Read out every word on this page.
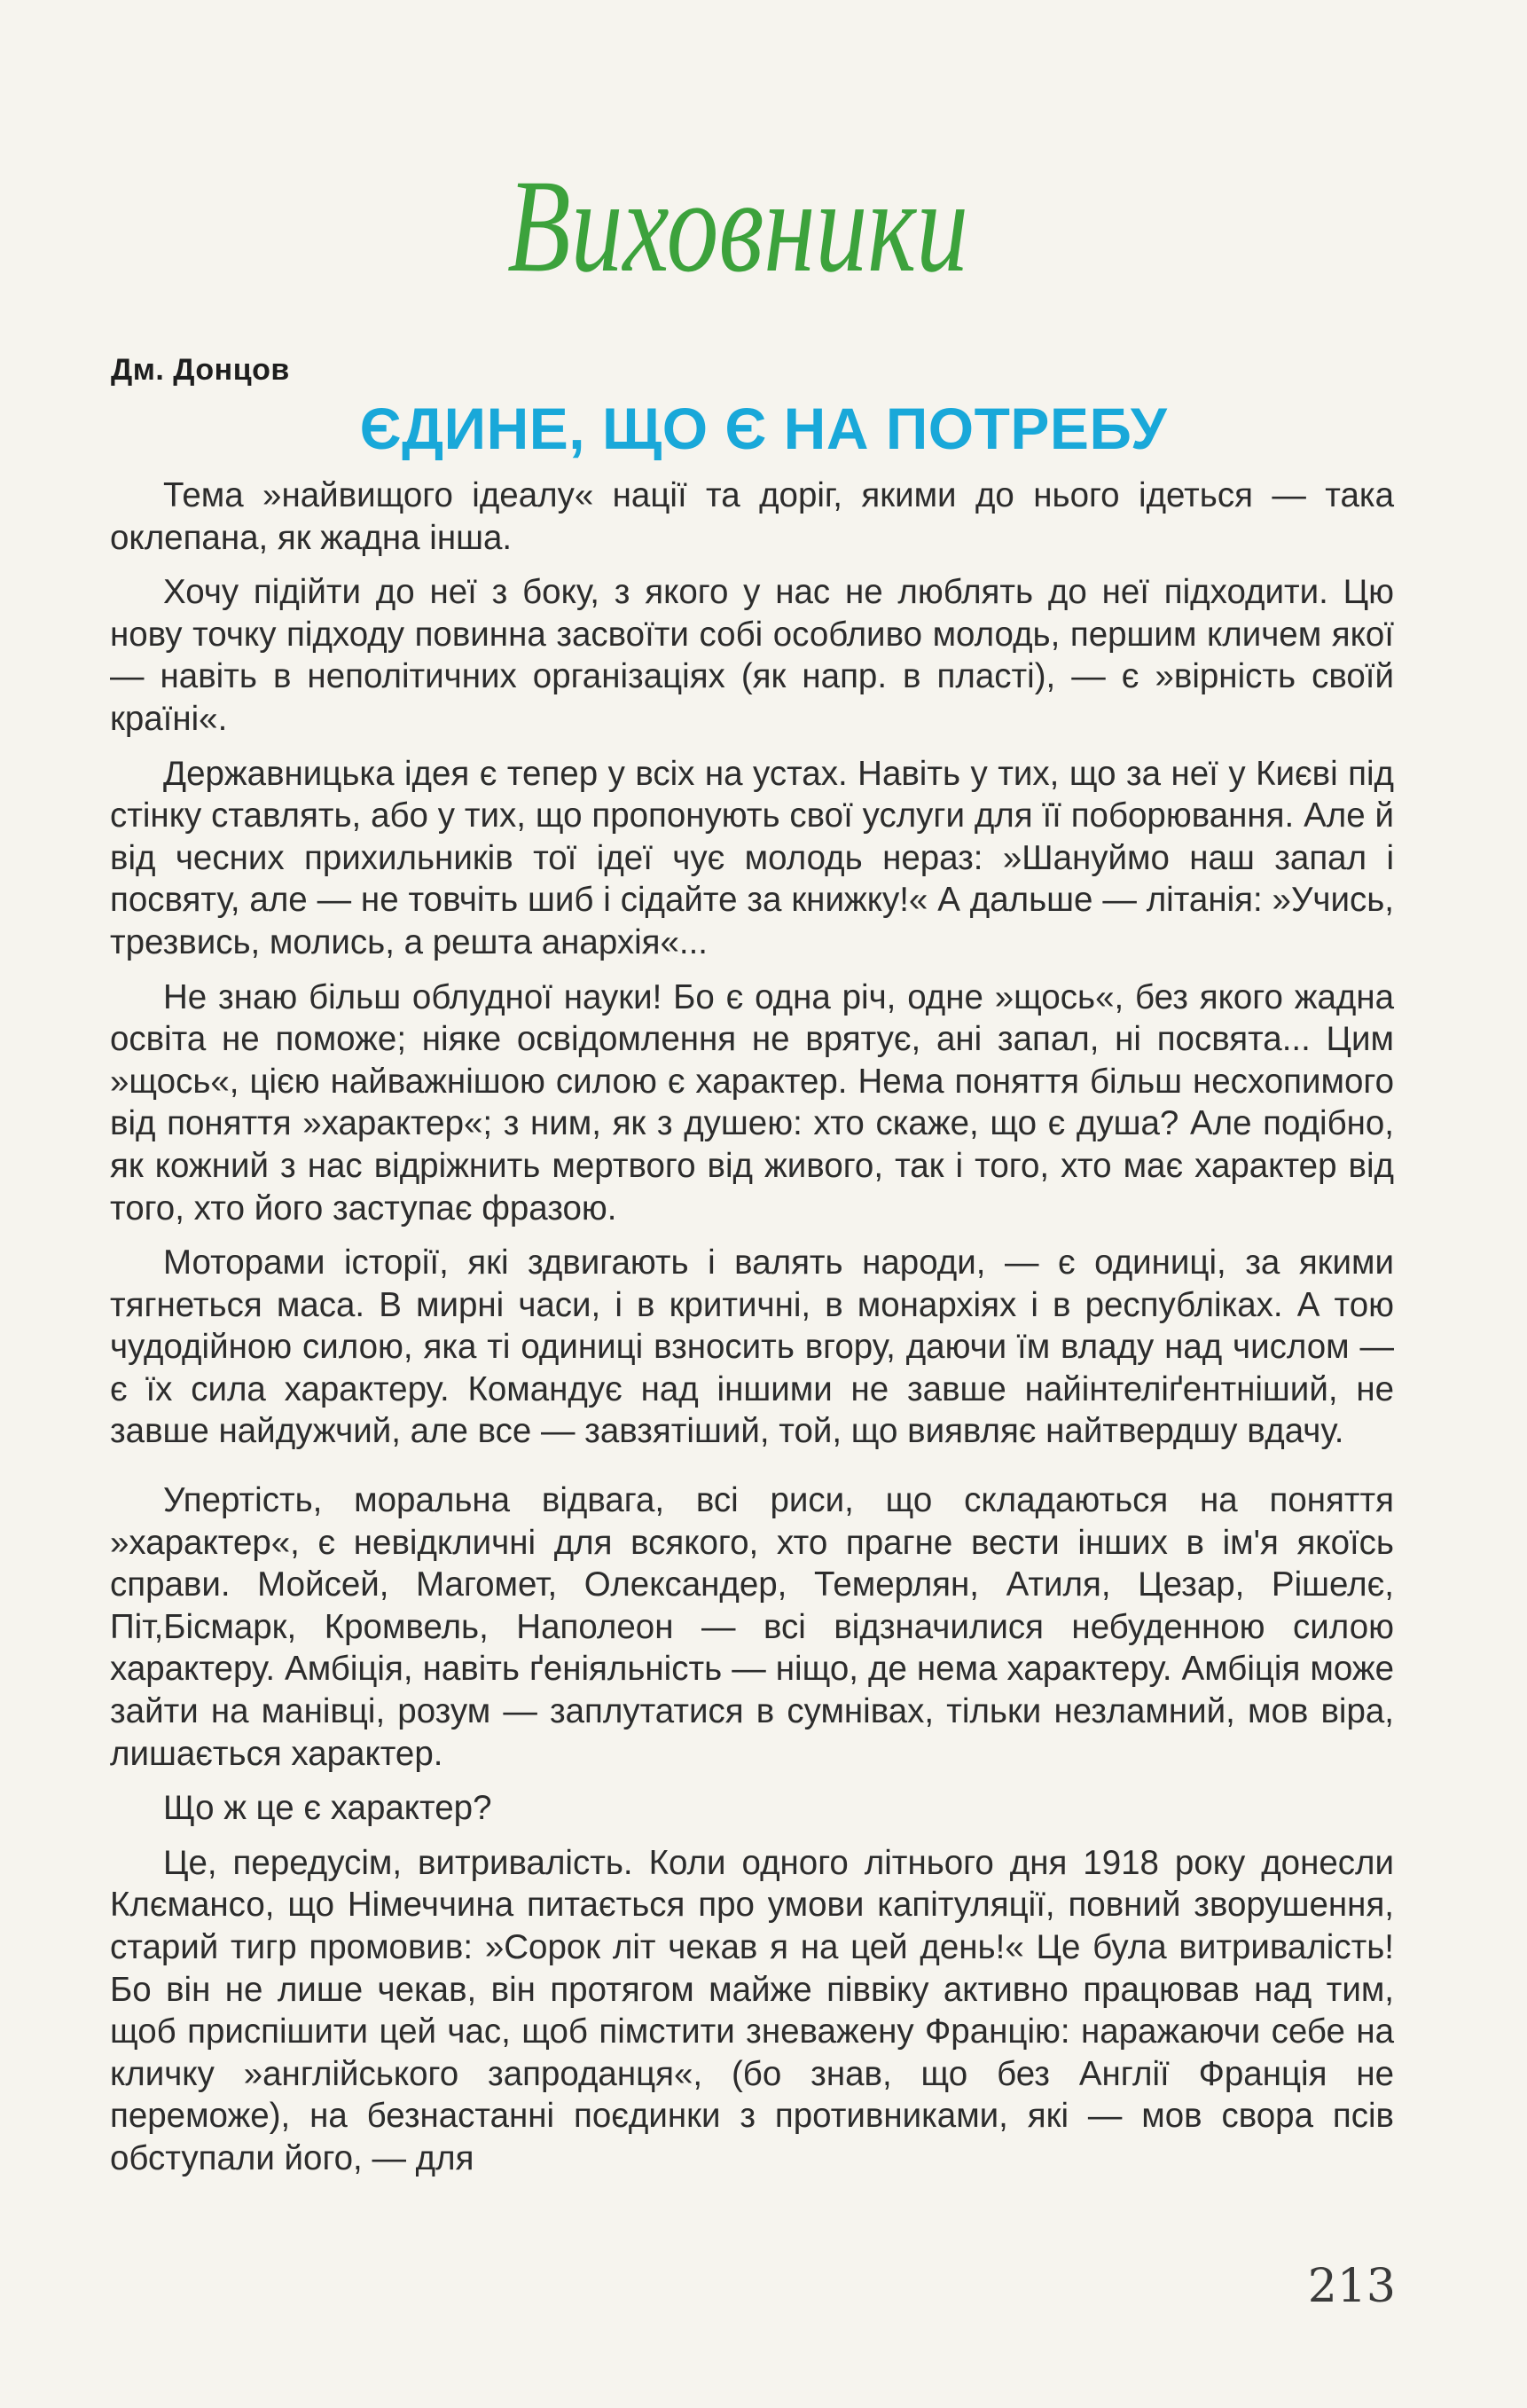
Виховники
Дм. Донцов
ЄДИНЕ, ЩО Є НА ПОТРЕБУ

Тема »найвищого ідеалу« нації та доріг, якими до нього ідеться — така оклепана, як жадна інша.

Хочу підійти до неї з боку, з якого у нас не люблять до неї підходити. Цю нову точку підходу повинна засвоїти собі особливо молодь, першим кличем якої — навіть в неполітичних організаціях (як напр. в пласті), — є »вірність своїй країні«.

Державницька ідея є тепер у всіх на устах. Навіть у тих, що за неї у Києві під стінку ставлять, або у тих, що пропонують свої услуги для її поборювання. Але й від чесних прихильників тої ідеї чує молодь нераз: »Шануймо наш запал і посвяту, але — не товчіть шиб і сідайте за книжку!« А дальше — літанія: »Учись, трезвись, молись, а решта анархія«...

Не знаю більш облудної науки! Бо є одна річ, одне »щось«, без якого жадна освіта не поможе; ніяке освідомлення не врятує, ані запал, ні посвята... Цим »щось«, цією найважнішою силою є характер. Нема поняття більш несхопимого від поняття »характер«; з ним, як з душею: хто скаже, що є душа? Але подібно, як кожний з нас відріжнить мертвого від живого, так і того, хто має характер від того, хто його заступає фразою.

Моторами історії, які здвигають і валять народи, — є одиниці, за якими тягнеться маса. В мирні часи, і в критичні, в монархіях і в республіках. А тою чудодійною силою, яка ті одиниці взносить вгору, даючи їм владу над числом — є їх сила характеру. Командує над іншими не завше найінтеліґентніший, не завше найдужчий, але все — завзятіший, той, що виявляє найтвердшу вдачу.

Упертість, моральна відвага, всі риси, що складаються на поняття »характер«, є невідкличні для всякого, хто прагне вести інших в ім'я якоїсь справи. Мойсей, Магомет, Олександер, Темерлян, Атиля, Цезар, Рішелє, Піт,Бісмарк, Кромвель, Наполеон — всі відзначилися небуденною силою характеру. Амбіція, навіть ґеніяльність — ніщо, де нема характеру. Амбіція може зайти на манівці, розум — заплутатися в сумнівах, тільки незламний, мов віра, лишається характер.

Що ж це є характер?

Це, передусім, витривалість. Коли одного літнього дня 1918 року донесли Клємансо, що Німеччина питається про умови капітуляції, повний зворушення, старий тигр промовив: »Сорок літ чекав я на цей день!« Це була витривалість! Бо він не лише чекав, він протягом майже піввіку активно працював над тим, щоб приспішити цей час, щоб пімстити зневажену Францію: наражаючи себе на кличку »англійського запроданця«, (бо знав, що без Англії Франція не переможе), на безнастанні поєдинки з противниками, які — мов свора псів обступали його, — для

213
